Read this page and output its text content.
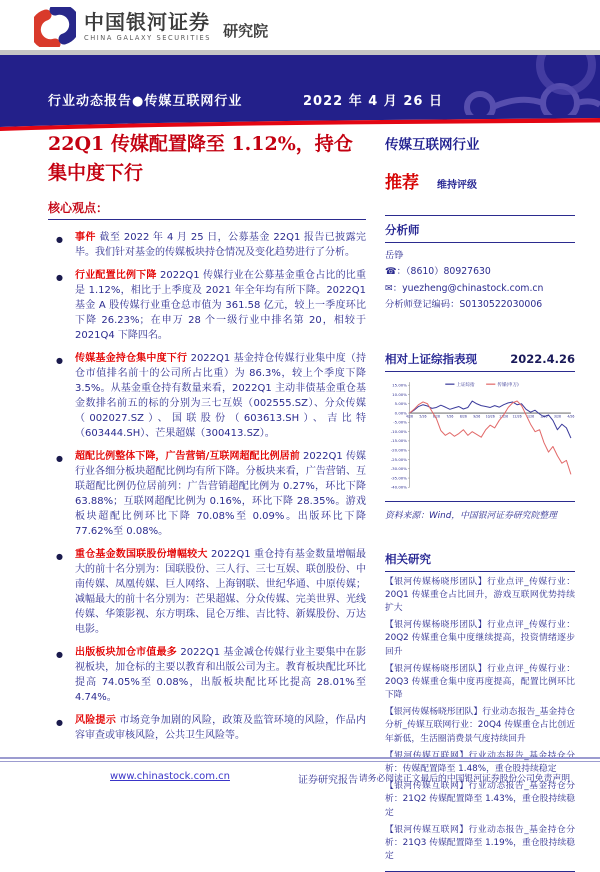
中国银河证券
CHINA GALAXY SECURITIES 研究院
行业动态报告●传媒互联网行业	2022 年 4 月 26 日
22Q1 传媒配置降至 1.12%，持仓集中度下行
核心观点：
● 事件 截至 2022 年 4 月 25 日，公募基金 22Q1 报告已披露完毕。我们针对基金的传媒板块持仓情况及变化趋势进行了分析。
● 行业配置比例下降 2022Q1 传媒行业在公募基金重仓占比的比重是 1.12%，相比于上季度及 2021 年全年均有所下降。2022Q1 基金 A 股传媒行业重仓总市值为 361.58 亿元，较上一季度环比下降 26.23%；在申万 28 个一级行业中排名第 20，相较于 2021Q4 下降四名。
● 传媒基金持仓集中度下行 2022Q1 基金持仓传媒行业集中度（持仓市值排名前十的公司所占比重）为 86.3%，较上个季度下降 3.5%。从基金重仓持有数量来看，2022Q1 主动非债基金重仓基金数排名前五的标的分别为三七互娱（002555.SZ）、分众传媒（002027.SZ）、国联股份（603613.SH）、吉比特（603444.SH）、芒果超媒（300413.SZ）。
● 超配比例整体下降，广告营销/互联网超配比例居前 2022Q1 传媒行业各细分板块超配比例均有所下降。分板块来看，广告营销、互联超配比例仍位居前列：广告营销超配比例为 0.27%，环比下降 63.88%；互联网超配比例为 0.16%，环比下降 28.35%。游戏板块超配比例环比下降 70.08%至 0.09%。出版环比下降 77.62%至 0.08%。
● 重仓基金数国联股份增幅较大 2022Q1 重仓持有基金数量增幅最大的前十名分别为：国联股份、三人行、三七互娱、联创股份、中南传媒、凤凰传媒、巨人网络、上海钢联、世纪华通、中原传媒；减幅最大的前十名分别为：芒果超媒、分众传媒、完美世界、光线传媒、华策影视、东方明珠、昆仑万维、吉比特、新媒股份、万达电影。
● 出版板块加仓市值最多 2022Q1 基金减仓传媒行业主要集中在影视板块，加仓标的主要以教育和出版公司为主。教育板块配比环比提高 74.05%至 0.08%，出版板块配比环比提高 28.01%至 4.74%。
● 风险提示 市场竞争加剧的风险，政策及监管环境的风险，作品内容审查或审核风险，公共卫生风险等。
传媒互联网行业
推荐 维持评级
分析师
岳铮
☎：（8610）80927630
✉：yuezheng@chinastock.com.cn
分析师登记编码：S0130522030006
相对上证综指表现	2022.4.26
15.00%
10.00%
5.00%
0.00%
-5.00%
-10.00%
-15.00%
-20.00%
-25.00%
-30.00%
-35.00%
-40.00%
4/26 5/26 6/26 7/26 8/26 9/26 10/26 11/26 12/26 1/26 2/26 3/26 4/26
上证综指	传媒(申万)
资料来源：Wind，中国银河证券研究院整理
相关研究
【银河传媒杨晓彤团队】行业点评_传媒行业：20Q1 传媒重仓占比回升，游戏互联网优势持续扩大
【银河传媒杨晓彤团队】行业点评_传媒行业：20Q2 传媒重仓集中度继续提高，投资情绪逐步回升
【银河传媒杨晓彤团队】行业点评_传媒行业：20Q3 传媒重仓集中度再度提高，配置比例环比下降
【银河传媒杨晓彤团队】行业动态报告_基金持仓分析_传媒互联网行业：20Q4 传媒重仓占比创近年新低，生活圈消费景气度持续回升
【银河传媒互联网】行业动态报告_基金持仓分析：传媒配置降至 1.48%，重仓股持续稳定
【银河传媒互联网】行业动态报告_基金持仓分析：21Q2 传媒配置降至 1.43%，重仓股持续稳定
【银河传媒互联网】行业动态报告_基金持仓分析：21Q3 传媒配置降至 1.19%，重仓股持续稳定
www.chinastock.com.cn	证券研究报告 请务必阅读正文最后的中国银河证券股份公司免责声明
